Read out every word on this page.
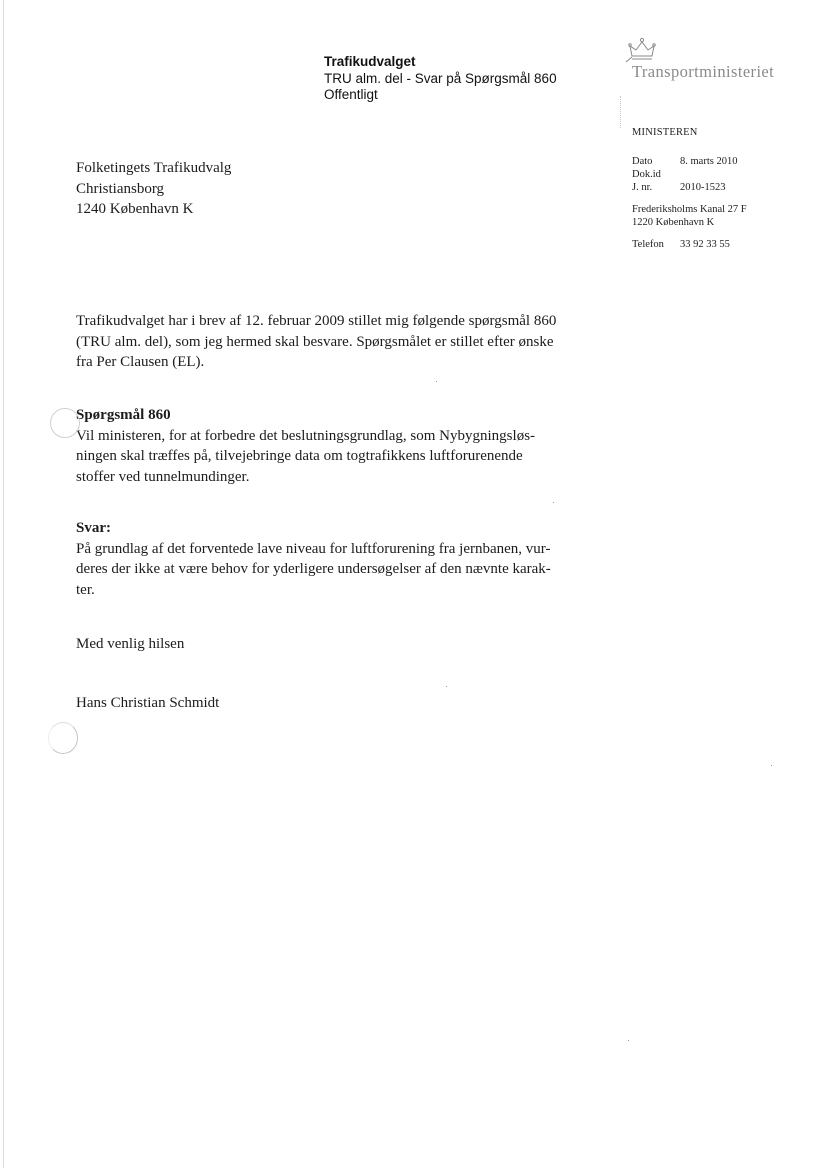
Trafikudvalget
TRU alm. del - Svar på Spørgsmål 860
Offentligt
Transportministeriet
MINISTEREN
Dato	8. marts 2010
Dok.id
J. nr.	2010-1523
Frederiksholms Kanal 27 F
1220 København K
Telefon 33 92 33 55
Folketingets Trafikudvalg
Christiansborg
1240 København K
Trafikudvalget har i brev af 12. februar 2009 stillet mig følgende spørgsmål 860
(TRU alm. del), som jeg hermed skal besvare. Spørgsmålet er stillet efter ønske
fra Per Clausen (EL).
Spørgsmål 860
Vil ministeren, for at forbedre det beslutningsgrundlag, som Nybygningsløs-
ningen skal træffes på, tilvejebringe data om togtrafikkens luftforurenende
stoffer ved tunnelmundinger.
Svar:
På grundlag af det forventede lave niveau for luftforurening fra jernbanen, vur-
deres der ikke at være behov for yderligere undersøgelser af den nævnte karak-
ter.
Med venlig hilsen
Hans Christian Schmidt
